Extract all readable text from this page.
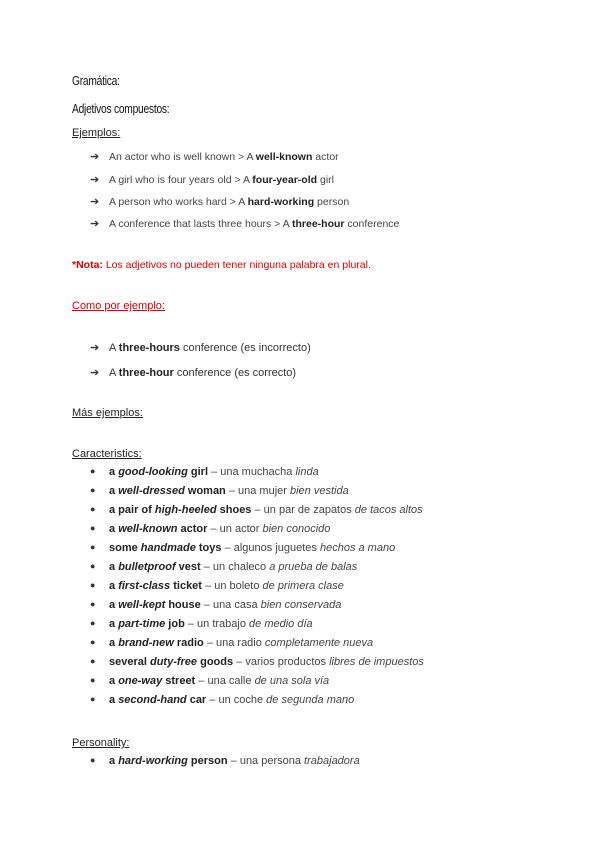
Gramática:
Adjetivos compuestos:
Ejemplos:
➔ An actor who is well known > A well-known actor
➔ A girl who is four years old > A four-year-old girl
➔ A person who works hard > A hard-working person
➔ A conference that lasts three hours > A three-hour conference
*Nota: Los adjetivos no pueden tener ninguna palabra en plural.
Como por ejemplo:
➔ A three-hours conference (es incorrecto)
➔ A three-hour conference (es correcto)
Más ejemplos:
Caracteristics:
● a good-looking girl – una muchacha linda
● a well-dressed woman – una mujer bien vestida
● a pair of high-heeled shoes – un par de zapatos de tacos altos
● a well-known actor – un actor bien conocido
● some handmade toys – algunos juguetes hechos a mano
● a bulletproof vest – un chaleco a prueba de balas
● a first-class ticket – un boleto de primera clase
● a well-kept house – una casa bien conservada
● a part-time job – un trabajo de medio día
● a brand-new radio – una radio completamente nueva
● several duty-free goods – varios productos libres de impuestos
● a one-way street – una calle de una sola vía
● a second-hand car – un coche de segunda mano
Personality:
● a hard-working person – una persona trabajadora
